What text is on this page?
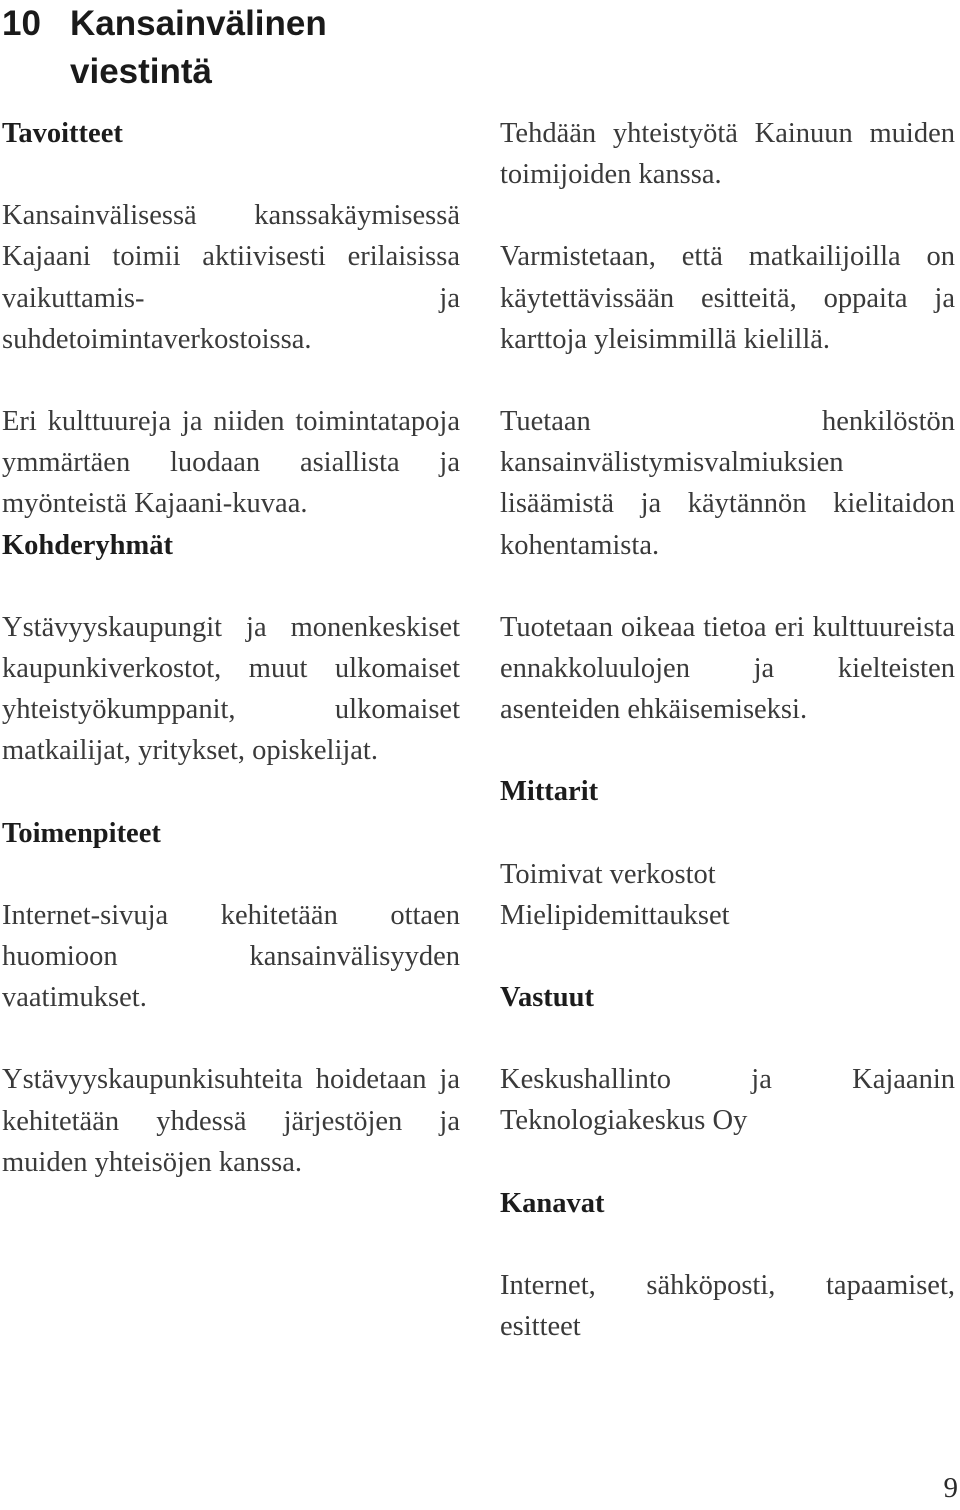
10 Kansainvälinen
viestintä
Tavoitteet

Kansainvälisessä kanssakäymisessä Kajaani toimii aktiivisesti erilaisissa vaikuttamis- ja suhdetoimintaverkostoissa.

Eri kulttuureja ja niiden toimintatapoja ymmärtäen luodaan asiallista ja myönteistä Kajaani-kuvaa.

Kohderyhmät

Ystävyyskaupungit ja monenkeskiset kaupunkiverkostot, muut ulkomaiset yhteistyökumppanit, ulkomaiset matkailijat, yritykset, opiskelijat.

Toimenpiteet

Internet-sivuja kehitetään ottaen huomioon kansainvälisyyden vaatimukset.

Ystävyyskaupunkisuhteita hoidetaan ja kehitetään yhdessä järjestöjen ja muiden yhteisöjen kanssa.

Tehdään yhteistyötä Kainuun muiden toimijoiden kanssa.

Varmistetaan, että matkailijoilla on käytettävissään esitteitä, oppaita ja karttoja yleisimmillä kielillä.

Tuetaan henkilöstön kansainvälistymisvalmiuksien lisäämistä ja käytännön kielitaidon kohentamista.

Tuotetaan oikeaa tietoa eri kulttuureista ennakkoluulojen ja kielteisten asenteiden ehkäisemiseksi.

Mittarit

Toimivat verkostot
Mielipidemittaukset

Vastuut

Keskushallinto ja Kajaanin Teknologiakeskus Oy

Kanavat

Internet, sähköposti, tapaamiset, esitteet

9
